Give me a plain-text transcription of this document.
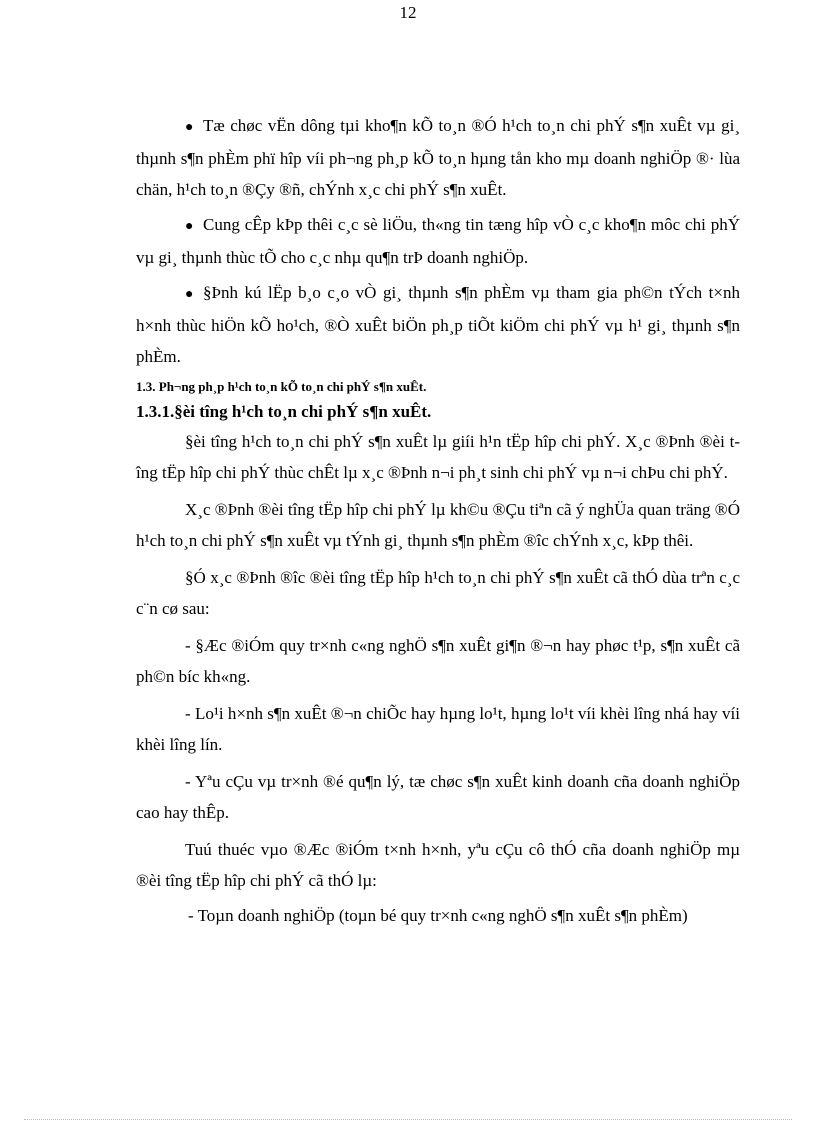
12

● Tæ chøc vËn dông tµi kho¶n kÕ to¸n ®Ó h¹ch to¸n chi phÝ s¶n xuÊt vµ gi¸ thµnh s¶n phÈm phï hîp víi ph¬ng ph¸p kÕ to¸n hµng tån kho mµ doanh nghiÖp ®· lùa chän, h¹ch to¸n ®Çy ®ñ, chÝnh x¸c chi phÝ s¶n xuÊt.

● Cung cÊp kÞp thêi c¸c sè liÖu, th«ng tin tæng hîp vÒ c¸c kho¶n môc chi phÝ vµ gi¸ thµnh thùc tÕ cho c¸c nhµ qu¶n trÞ doanh nghiÖp.

● §Þnh kú lËp b¸o c¸o vÒ gi¸ thµnh s¶n phÈm vµ tham gia ph©n tÝch t×nh h×nh thùc hiÖn kÕ ho¹ch, ®Ò xuÊt biÖn ph¸p tiÕt kiÖm chi phÝ vµ h¹ gi¸ thµnh s¶n phÈm.

1.3. Ph¬ng ph¸p h¹ch to¸n kÕ to¸n chi phÝ s¶n xuÊt.

1.3.1.§èi tîng h¹ch to¸n chi phÝ s¶n xuÊt.

§èi tîng h¹ch to¸n chi phÝ s¶n xuÊt lµ giíi h¹n tËp hîp chi phÝ. X¸c ®Þnh ®èi tîng tËp hîp chi phÝ thùc chÊt lµ x¸c ®Þnh n¬i ph¸t sinh chi phÝ vµ n¬i chÞu chi phÝ.

X¸c ®Þnh ®èi tîng tËp hîp chi phÝ lµ kh©u ®Çu tiªn cã ý nghÜa quan träng ®Ó h¹ch to¸n chi phÝ s¶n xuÊt vµ tÝnh gi¸ thµnh s¶n phÈm ®îc chÝnh x¸c, kÞp thêi.

§Ó x¸c ®Þnh ®îc ®èi tîng tËp hîp h¹ch to¸n chi phÝ s¶n xuÊt cã thÓ dùa trªn c¸c c¨n cø sau:

- §Æc ®iÓm quy tr×nh c«ng nghÖ s¶n xuÊt gi¶n ®¬n hay phøc t¹p, s¶n xuÊt cã ph©n bíc kh«ng.

- Lo¹i h×nh s¶n xuÊt ®¬n chiÕc hay hµng lo¹t, hµng lo¹t víi khèi lîng nhá hay víi khèi lîng lín.

- Yªu cÇu vµ tr×nh ®é qu¶n lý, tæ chøc s¶n xuÊt kinh doanh cña doanh nghiÖp cao hay thÊp.

Tuú thuéc vµo ®Æc ®iÓm t×nh h×nh, yªu cÇu cô thÓ cña doanh nghiÖp mµ ®èi tîng tËp hîp chi phÝ cã thÓ lµ:

- Toµn doanh nghiÖp (toµn bé quy tr×nh c«ng nghÖ s¶n xuÊt s¶n phÈm)
